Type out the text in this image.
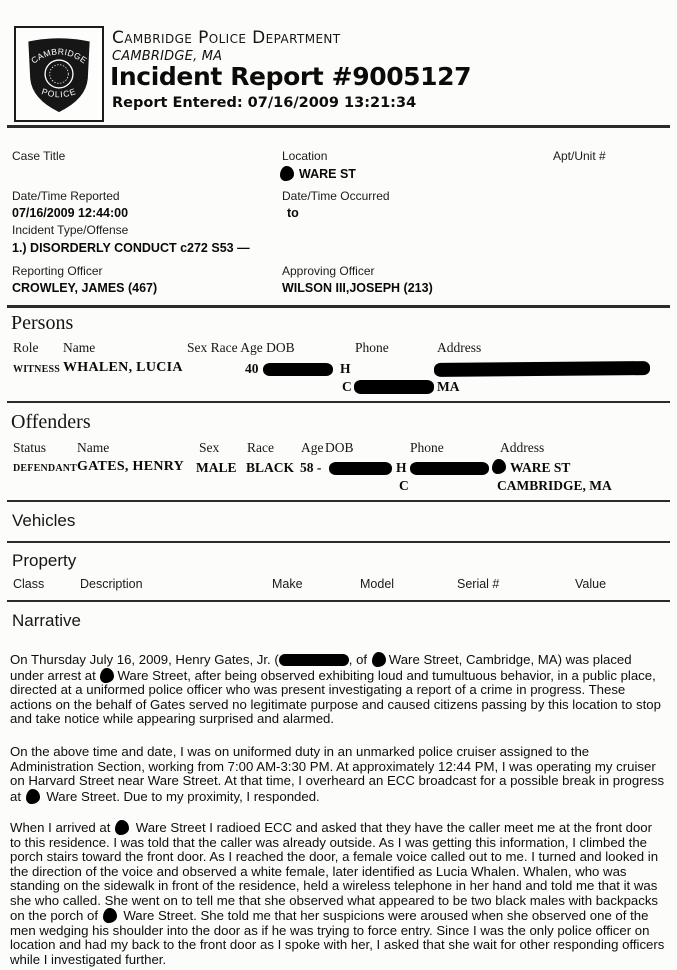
CAMBRIDGE
POLICE
Cambridge Police Department
CAMBRIDGE, MA
Incident Report #9005127
Report Entered: 07/16/2009 13:21:34
Case Title	Location	Apt/Unit #
WARE ST
Date/Time Reported	Date/Time Occurred
07/16/2009 12:44:00	to
Incident Type/Offense
1.) DISORDERLY CONDUCT c272 S53 —
Reporting Officer	Approving Officer
CROWLEY, JAMES (467)	WILSON III,JOSEPH (213)
Persons
Role Name	Sex Race Age DOB	Phone	Address
WITNESS WHALEN, LUCIA	40	H
C	MA
Offenders
Status Name	Sex Race Age DOB	Phone	Address
DEFENDANT GATES, HENRY MALE BLACK 58 -	H	WARE ST
C	CAMBRIDGE, MA
Vehicles
Property
Class	Description	Make	Model	Serial #	Value
Narrative
On Thursday July 16, 2009, Henry Gates, Jr. (	, of Ware Street, Cambridge, MA) was placed under arrest at Ware Street, after being observed exhibiting loud and tumultuous behavior, in a public place, directed at a uniformed police officer who was present investigating a report of a crime in progress. These actions on the behalf of Gates served no legitimate purpose and caused citizens passing by this location to stop and take notice while appearing surprised and alarmed.
On the above time and date, I was on uniformed duty in an unmarked police cruiser assigned to the Administration Section, working from 7:00 AM-3:30 PM. At approximately 12:44 PM, I was operating my cruiser on Harvard Street near Ware Street. At that time, I overheard an ECC broadcast for a possible break in progress at  Ware Street. Due to my proximity, I responded.
When I arrived at  Ware Street I radioed ECC and asked that they have the caller meet me at the front door to this residence. I was told that the caller was already outside. As I was getting this information, I climbed the porch stairs toward the front door. As I reached the door, a female voice called out to me. I turned and looked in the direction of the voice and observed a white female, later identified as Lucia Whalen. Whalen, who was standing on the sidewalk in front of the residence, held a wireless telephone in her hand and told me that it was she who called. She went on to tell me that she observed what appeared to be two black males with backpacks on the porch of  Ware Street. She told me that her suspicions were aroused when she observed one of the men wedging his shoulder into the door as if he was trying to force entry. Since I was the only police officer on location and had my back to the front door as I spoke with her, I asked that she wait for other responding officers while I investigated further.
